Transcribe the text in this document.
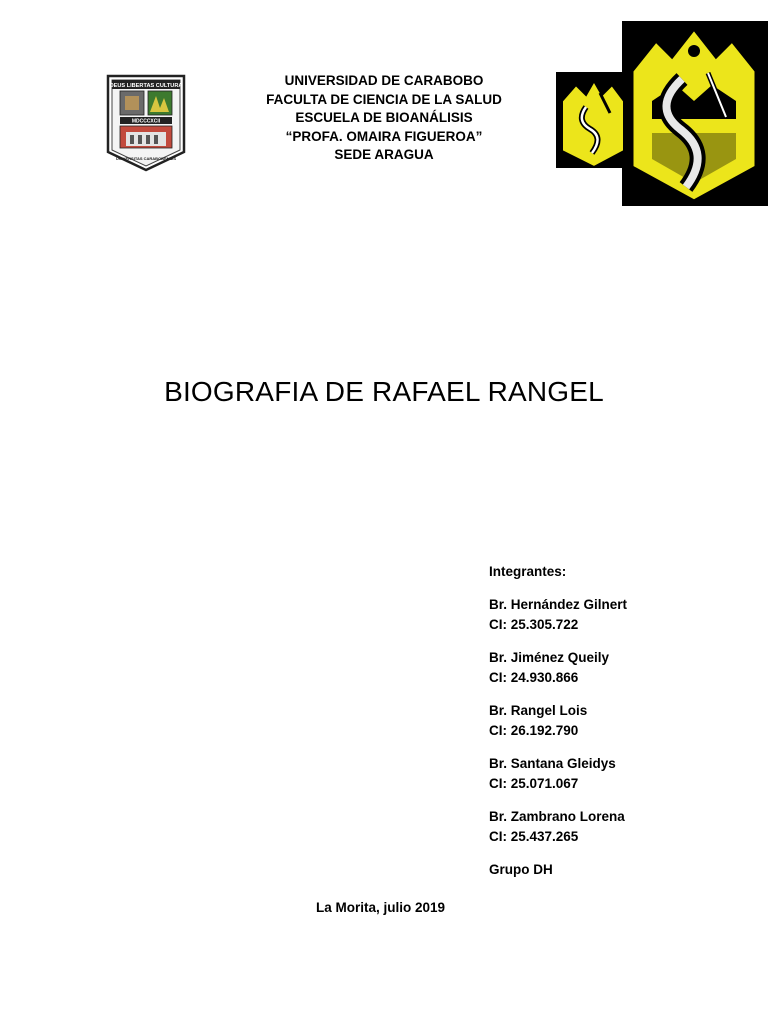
DEUS LIBERTAS CULTURA
MDCCCXCII
UNIVERSITAS CARABOBENSIS
UNIVERSIDAD DE CARABOBO
FACULTA DE CIENCIA DE LA SALUD
ESCUELA DE BIOANÁLISIS
“PROFA. OMAIRA FIGUEROA”
SEDE ARAGUA
BIOGRAFIA DE RAFAEL RANGEL
Integrantes:
Br. Hernández Gilnert
CI: 25.305.722
Br. Jiménez Queily
CI: 24.930.866
Br. Rangel Lois
CI: 26.192.790
Br. Santana Gleidys
CI: 25.071.067
Br. Zambrano Lorena
CI: 25.437.265
Grupo DH
La Morita, julio 2019
